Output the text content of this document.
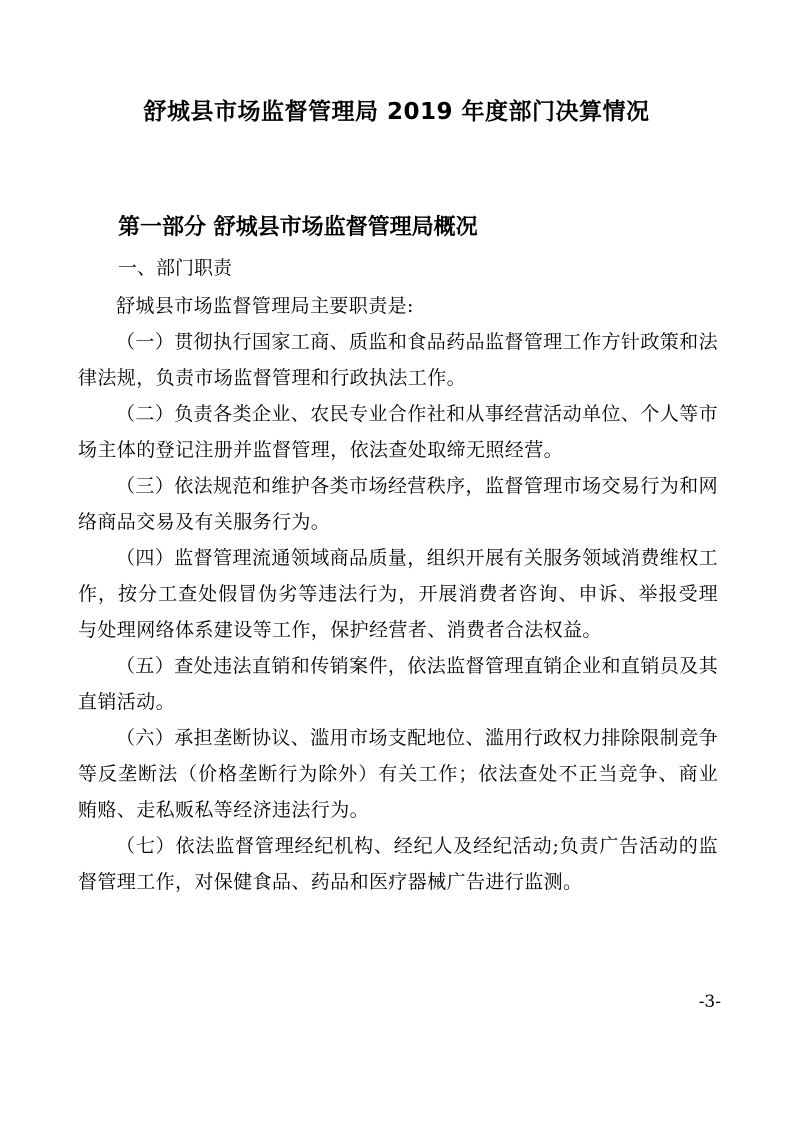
舒城县市场监督管理局 2019 年度部门决算情况
第一部分 舒城县市场监督管理局概况
一、部门职责

舒城县市场监督管理局主要职责是:

（一）贯彻执行国家工商、质监和食品药品监督管理工作方针政策和法律法规，负责市场监督管理和行政执法工作。

（二）负责各类企业、农民专业合作社和从事经营活动单位、个人等市场主体的登记注册并监督管理，依法查处取缔无照经营。

（三）依法规范和维护各类市场经营秩序，监督管理市场交易行为和网络商品交易及有关服务行为。

（四）监督管理流通领域商品质量，组织开展有关服务领域消费维权工作，按分工查处假冒伪劣等违法行为，开展消费者咨询、申诉、举报受理与处理网络体系建设等工作，保护经营者、消费者合法权益。

（五）查处违法直销和传销案件，依法监督管理直销企业和直销员及其直销活动。

（六）承担垄断协议、滥用市场支配地位、滥用行政权力排除限制竞争等反垄断法（价格垄断行为除外）有关工作；依法查处不正当竞争、商业贿赂、走私贩私等经济违法行为。

（七）依法监督管理经纪机构、经纪人及经纪活动;负责广告活动的监督管理工作，对保健食品、药品和医疗器械广告进行监测。

-3-
